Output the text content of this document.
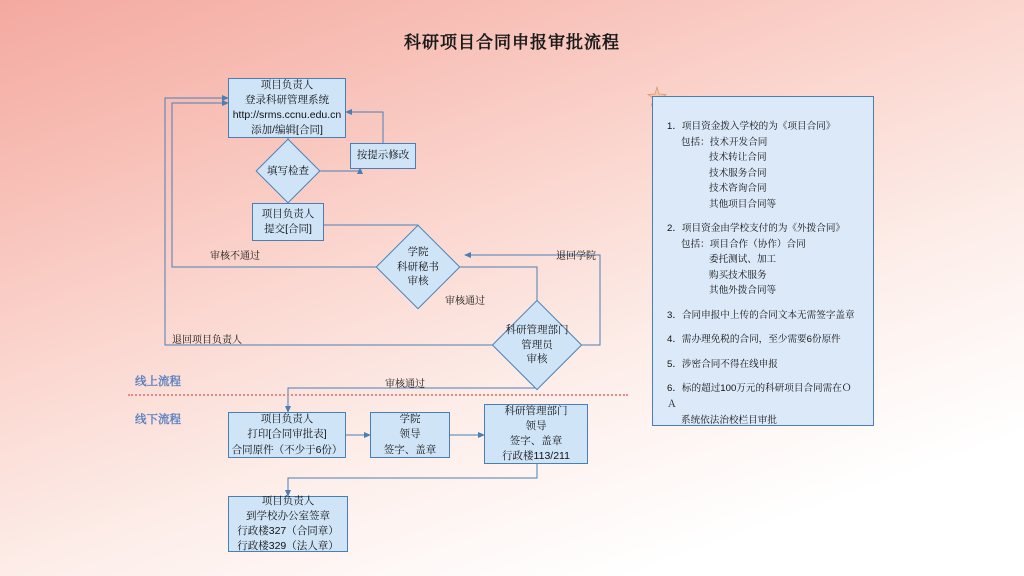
科研项目合同申报审批流程
项目负责人
登录科研管理系统
http://srms.ccnu.edu.cn
添加/编辑[合同]
填写检查
按提示修改
项目负责人
提交[合同]
学院
科研秘书
审核
科研管理部门
管理员
审核
项目负责人
打印[合同审批表]
合同原件（不少于6份）
学院
领导
签字、盖章
科研管理部门
领导
签字、盖章
行政楼113/211
项目负责人
到学校办公室签章
行政楼327（合同章）
行政楼329（法人章）
审核不通过	退回学院
审核通过
退回项目负责人
审核通过
线上流程
线下流程
1．项目资金拨入学校的为《项目合同》
包括：技术开发合同
技术转让合同
技术服务合同
技术咨询合同
其他项目合同等
2．项目资金由学校支付的为《外拨合同》
包括：项目合作（协作）合同
委托测试、加工
购买技术服务
其他外拨合同等
3．合同申报中上传的合同文本无需签字盖章
4．需办理免税的合同，至少需要6份原件
5．涉密合同不得在线申报
6．标的超过100万元的科研项目合同需在Ｏ Ａ
系统依法治校栏目审批
